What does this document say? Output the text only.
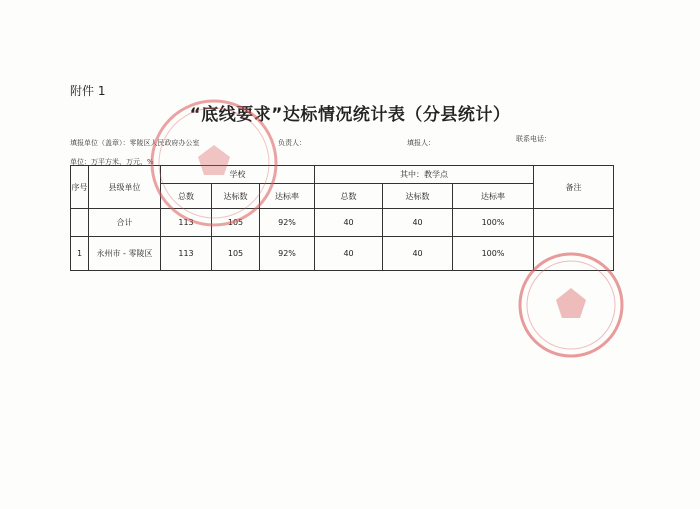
附件 1
“底线要求”达标情况统计表（分县统计）
填报单位（盖章）：零陵区人民政府办公室	负责人：	填报人：	联系电话：
单位：万平方米、万元、%
序号	县级单位	学校			其中：教学点			备注
		总数	达标数	达标率	总数	达标数	达标率	
	合计	113	105	92%	40	40	100%	
1	永州市 - 零陵区	113	105	92%	40	40	100%	
